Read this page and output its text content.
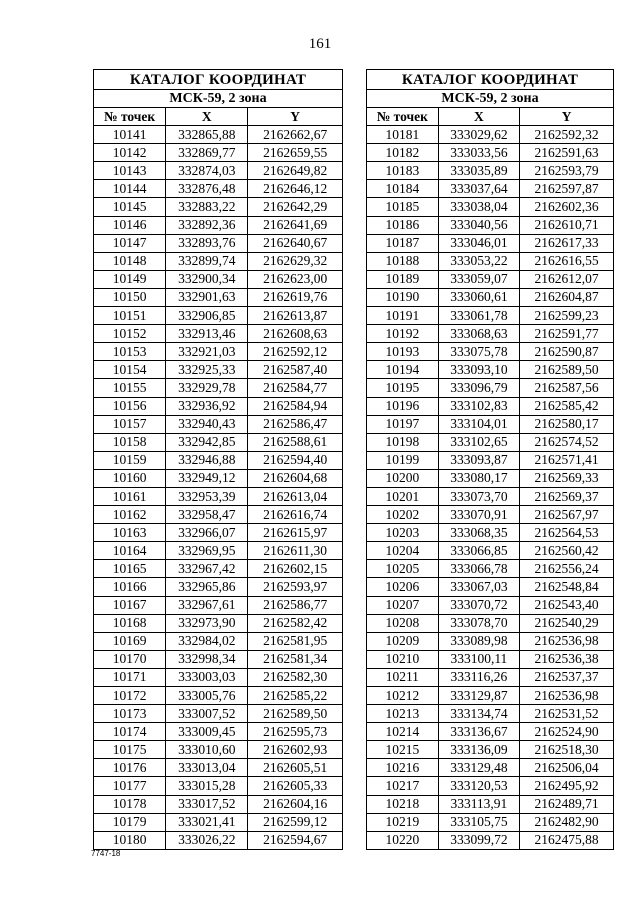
161
КАТАЛОГ КООРДИНАТ		
МСК-59, 2 зона		
№ точек	X	Y
10141	332865,88	2162662,67
10142	332869,77	2162659,55
10143	332874,03	2162649,82
10144	332876,48	2162646,12
10145	332883,22	2162642,29
10146	332892,36	2162641,69
10147	332893,76	2162640,67
10148	332899,74	2162629,32
10149	332900,34	2162623,00
10150	332901,63	2162619,76
10151	332906,85	2162613,87
10152	332913,46	2162608,63
10153	332921,03	2162592,12
10154	332925,33	2162587,40
10155	332929,78	2162584,77
10156	332936,92	2162584,94
10157	332940,43	2162586,47
10158	332942,85	2162588,61
10159	332946,88	2162594,40
10160	332949,12	2162604,68
10161	332953,39	2162613,04
10162	332958,47	2162616,74
10163	332966,07	2162615,97
10164	332969,95	2162611,30
10165	332967,42	2162602,15
10166	332965,86	2162593,97
10167	332967,61	2162586,77
10168	332973,90	2162582,42
10169	332984,02	2162581,95
10170	332998,34	2162581,34
10171	333003,03	2162582,30
10172	333005,76	2162585,22
10173	333007,52	2162589,50
10174	333009,45	2162595,73
10175	333010,60	2162602,93
10176	333013,04	2162605,51
10177	333015,28	2162605,33
10178	333017,52	2162604,16
10179	333021,41	2162599,12
10180	333026,22	2162594,67
КАТАЛОГ КООРДИНАТ		
МСК-59, 2 зона		
№ точек	X	Y
10181	333029,62	2162592,32
10182	333033,56	2162591,63
10183	333035,89	2162593,79
10184	333037,64	2162597,87
10185	333038,04	2162602,36
10186	333040,56	2162610,71
10187	333046,01	2162617,33
10188	333053,22	2162616,55
10189	333059,07	2162612,07
10190	333060,61	2162604,87
10191	333061,78	2162599,23
10192	333068,63	2162591,77
10193	333075,78	2162590,87
10194	333093,10	2162589,50
10195	333096,79	2162587,56
10196	333102,83	2162585,42
10197	333104,01	2162580,17
10198	333102,65	2162574,52
10199	333093,87	2162571,41
10200	333080,17	2162569,33
10201	333073,70	2162569,37
10202	333070,91	2162567,97
10203	333068,35	2162564,53
10204	333066,85	2162560,42
10205	333066,78	2162556,24
10206	333067,03	2162548,84
10207	333070,72	2162543,40
10208	333078,70	2162540,29
10209	333089,98	2162536,98
10210	333100,11	2162536,38
10211	333116,26	2162537,37
10212	333129,87	2162536,98
10213	333134,74	2162531,52
10214	333136,67	2162524,90
10215	333136,09	2162518,30
10216	333129,48	2162506,04
10217	333120,53	2162495,92
10218	333113,91	2162489,71
10219	333105,75	2162482,90
10220	333099,72	2162475,88
7747-18
